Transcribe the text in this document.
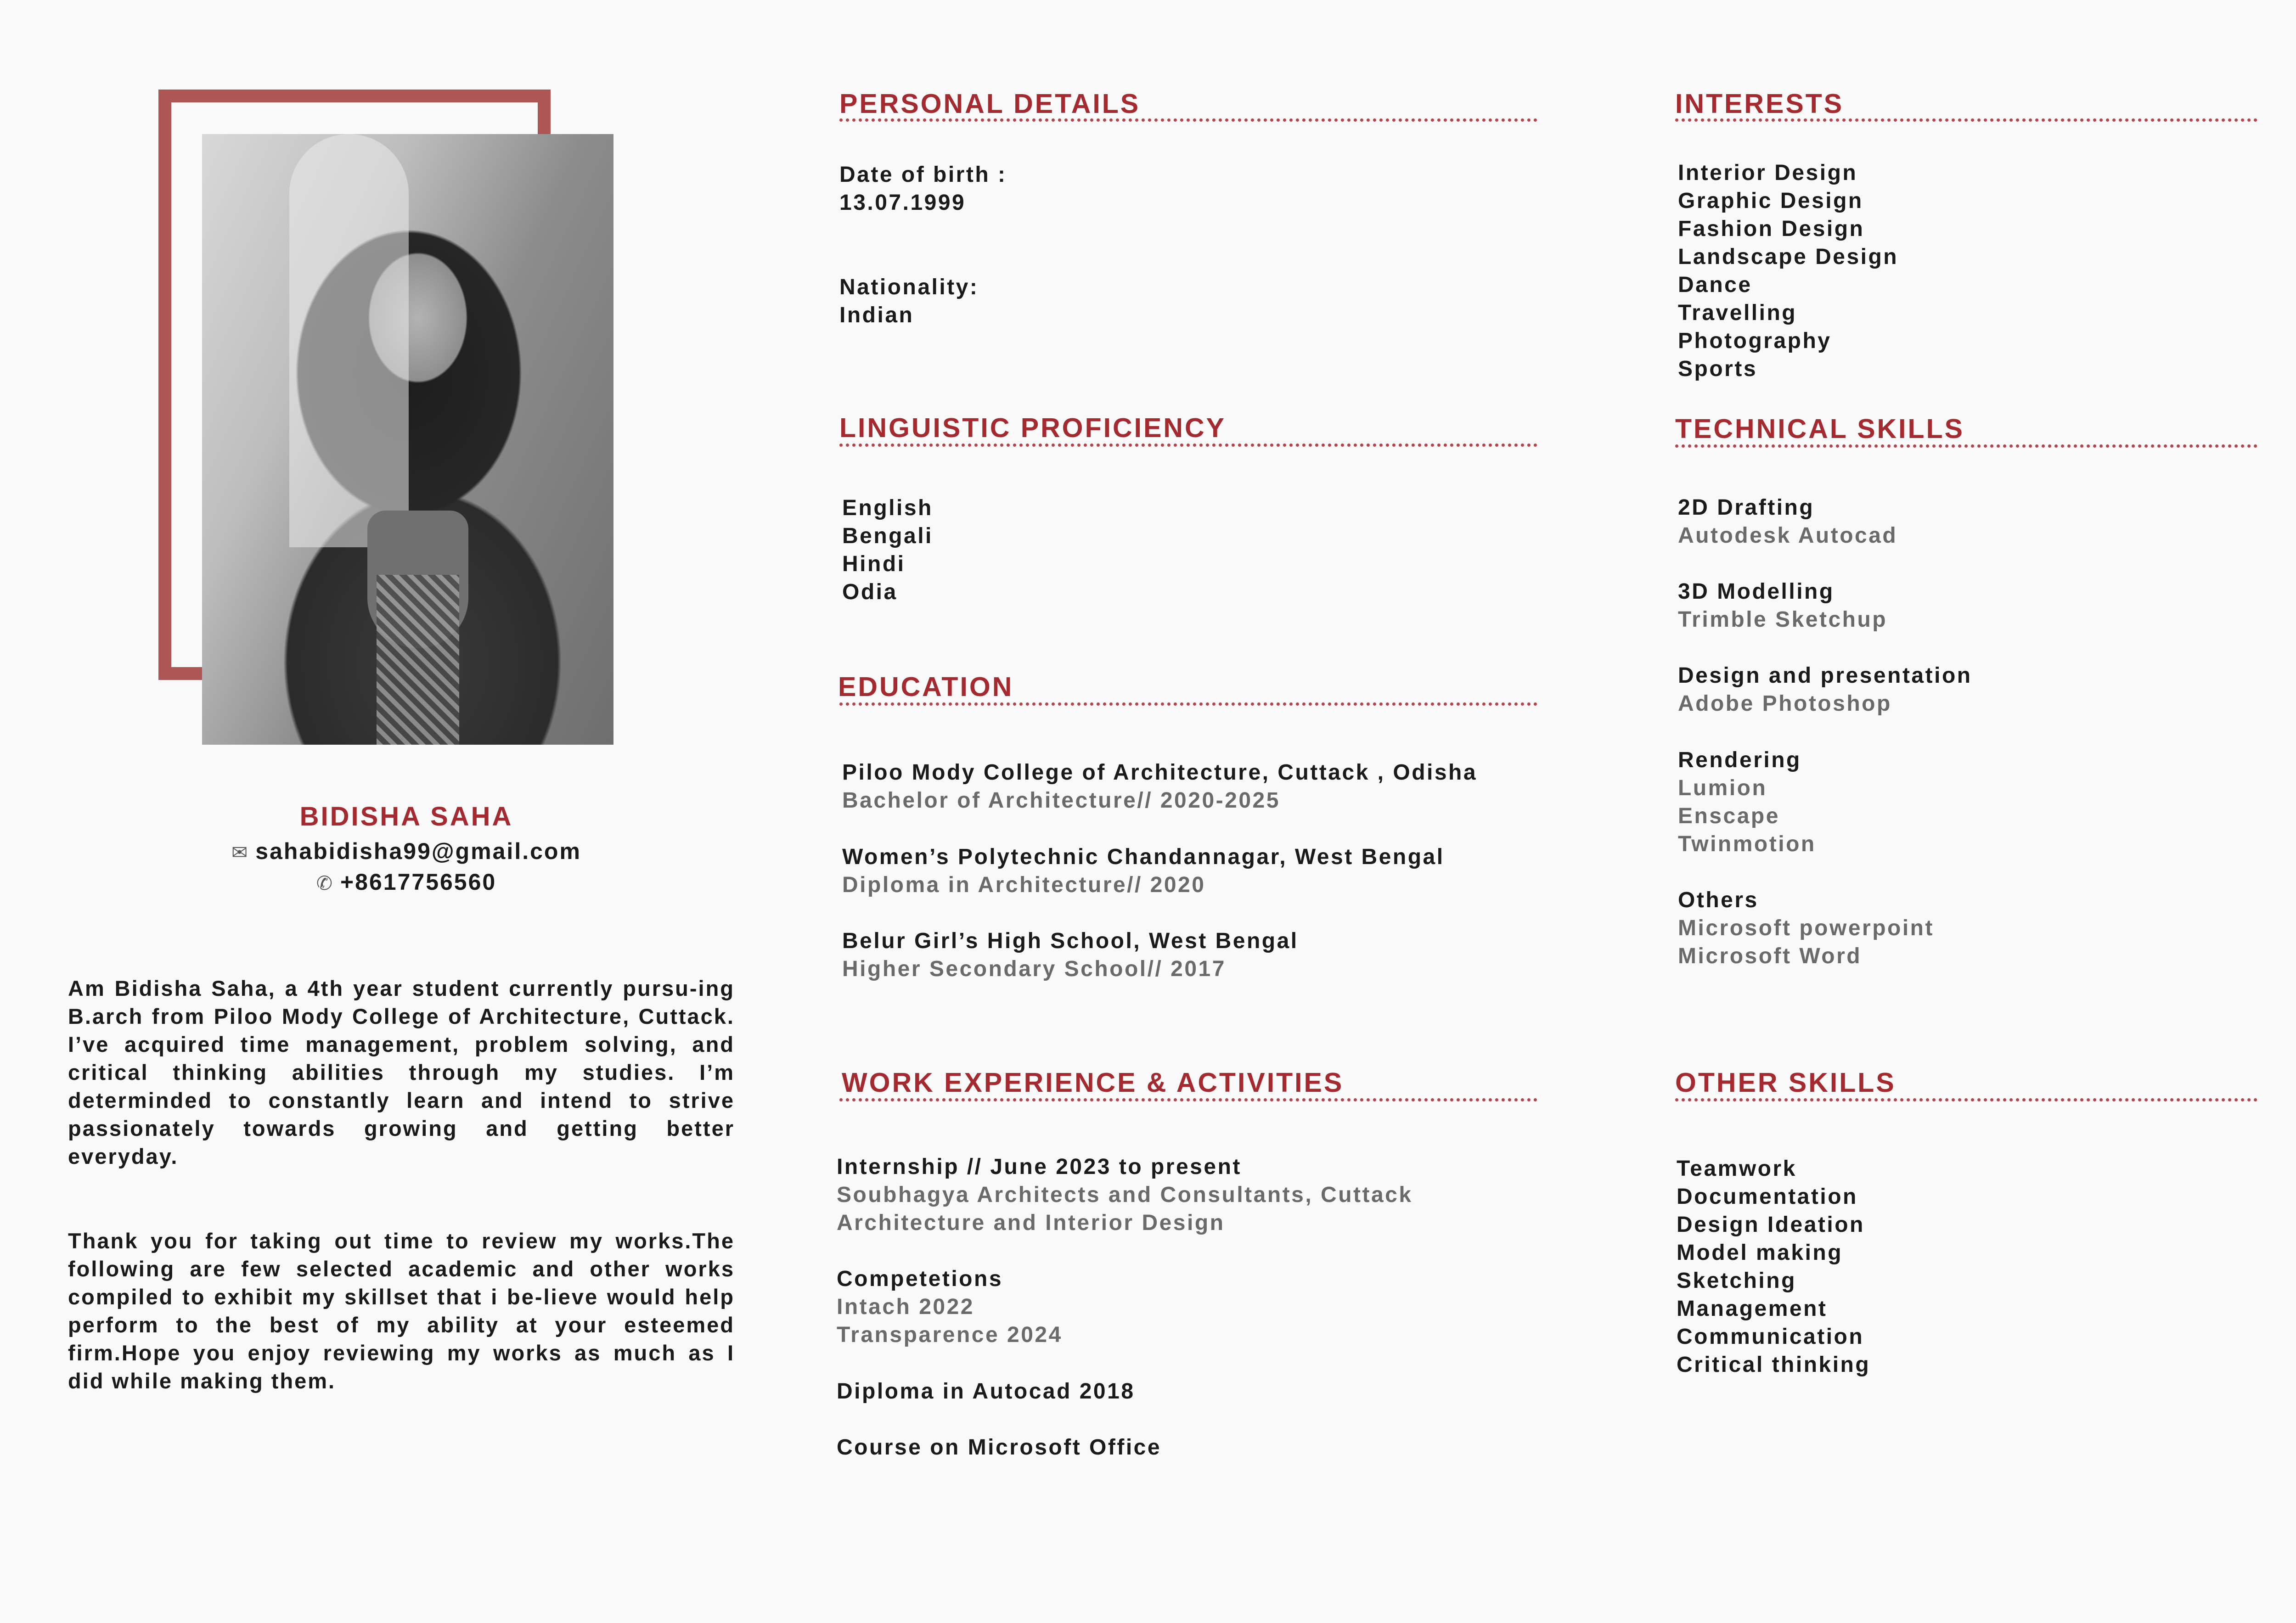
BIDISHA SAHA
✉ sahabidisha99@gmail.com
✆ +8617756560
Am Bidisha Saha, a 4th year student currently pursu-ing B.arch from Piloo Mody College of Architecture, Cuttack. I’ve acquired time management, problem solving, and critical thinking abilities through my studies. I’m determinded to constantly learn and intend to strive passionately towards growing and getting better everyday.
Thank you for taking out time to review my works.The following are few selected academic and other works compiled to exhibit my skillset that i be-lieve would help perform to the best of my ability at your esteemed firm.Hope you enjoy reviewing my works as much as I did while making them.
PERSONAL DETAILS
Date of birth :
13.07.1999
Nationality:
Indian
LINGUISTIC PROFICIENCY
English
Bengali
Hindi
Odia
EDUCATION
Piloo Mody College of Architecture, Cuttack , Odisha
Bachelor of Architecture// 2020-2025
Women’s Polytechnic Chandannagar, West Bengal
Diploma in Architecture// 2020
Belur Girl’s High School, West Bengal
Higher Secondary School// 2017
WORK EXPERIENCE & ACTIVITIES
Internship // June 2023 to present
Soubhagya Architects and Consultants, Cuttack
Architecture and Interior Design
Competetions
Intach 2022
Transparence 2024
Diploma in Autocad 2018
Course on Microsoft Office
INTERESTS
Interior Design
Graphic Design
Fashion Design
Landscape Design
Dance
Travelling
Photography
Sports
TECHNICAL SKILLS
2D Drafting
Autodesk Autocad
3D Modelling
Trimble Sketchup
Design and presentation
Adobe Photoshop
Rendering
Lumion
Enscape
Twinmotion
Others
Microsoft powerpoint
Microsoft Word
OTHER SKILLS
Teamwork
Documentation
Design Ideation
Model making
Sketching
Management
Communication
Critical thinking
